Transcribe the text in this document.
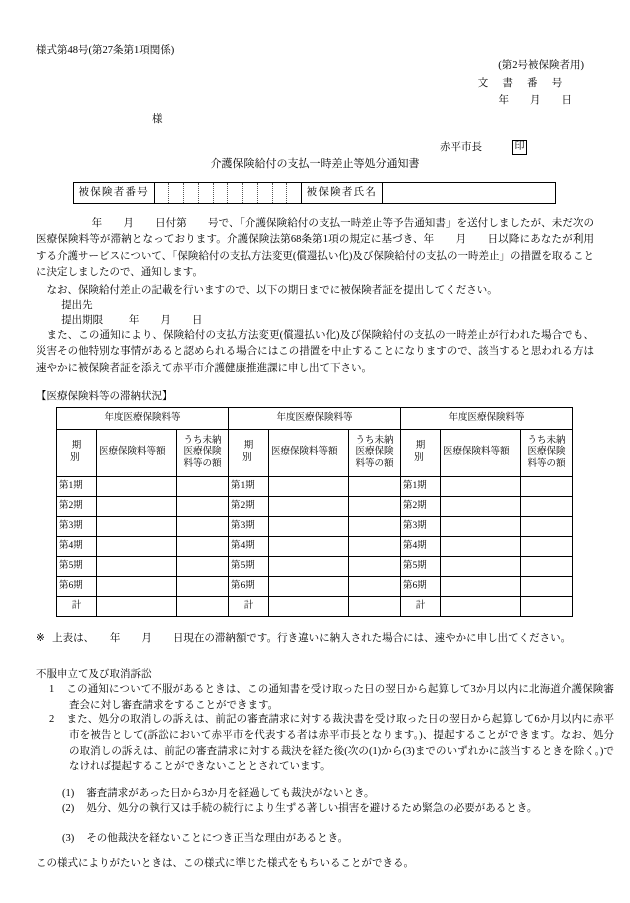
様式第48号(第27条第1項関係)
(第2号被保険者用)
文 書 番 号
年　　月　　日
様
赤平市長	印
介護保険給付の支払一時差止等処分通知書
被保険者番号		被保険者氏名	
年　　月　　日付第　　号で、「介護保険給付の支払一時差止等予告通知書」を送付しましたが、未だ次の医療保険料等が滞納となっております。介護保険法第68条第1項の規定に基づき、年　　月　　日以降にあなたが利用する介護サービスについて、「保険給付の支払方法変更(償還払い化)及び保険給付の支払の一時差止」の措置を取ることに決定しましたので、通知します。
なお、保険給付差止の記載を行いますので、以下の期日までに被保険者証を提出してください。
提出先
提出期限 年　　月　　日
また、この通知により、保険給付の支払方法変更(償還払い化)及び保険給付の支払の一時差止が行われた場合でも、災害その他特別な事情があると認められる場合にはこの措置を中止することになりますので、該当すると思われる方は速やかに被保険者証を添えて赤平市介護健康推進課に申し出て下さい。
【医療保険料等の滞納状況】
年度医療保険料等			年度医療保険料等			年度医療保険料等		
期　別	医療保険料等額	うち未納医療保険料等の額	期　別	医療保険料等額	うち未納医療保険料等の額	期　別	医療保険料等額	うち未納医療保険料等の額
第1期			第1期			第1期		
第2期			第2期			第2期		
第3期			第3期			第3期		
第4期			第4期			第4期		
第5期			第5期			第5期		
第6期			第6期			第6期		
計			計			計		
※ 上表は、　　年　　月　　日現在の滞納額です。行き違いに納入された場合には、速やかに申し出てください。
不服申立て及び取消訴訟
1 この通知について不服があるときは、この通知書を受け取った日の翌日から起算して3か月以内に北海道介護保険審査会に対し審査請求をすることができます。
2 また、処分の取消しの訴えは、前記の審査請求に対する裁決書を受け取った日の翌日から起算して6か月以内に赤平市を被告として(訴訟において赤平市を代表する者は赤平市長となります。)、提起することができます。なお、処分の取消しの訴えは、前記の審査請求に対する裁決を経た後(次の(1)から(3)までのいずれかに該当するときを除く。)でなければ提起することができないこととされています。
(1) 審査請求があった日から3か月を経過しても裁決がないとき。
(2) 処分、処分の執行又は手続の続行により生ずる著しい損害を避けるため緊急の必要があるとき。
(3) その他裁決を経ないことにつき正当な理由があるとき。
この様式によりがたいときは、この様式に準じた様式をもちいることができる。
